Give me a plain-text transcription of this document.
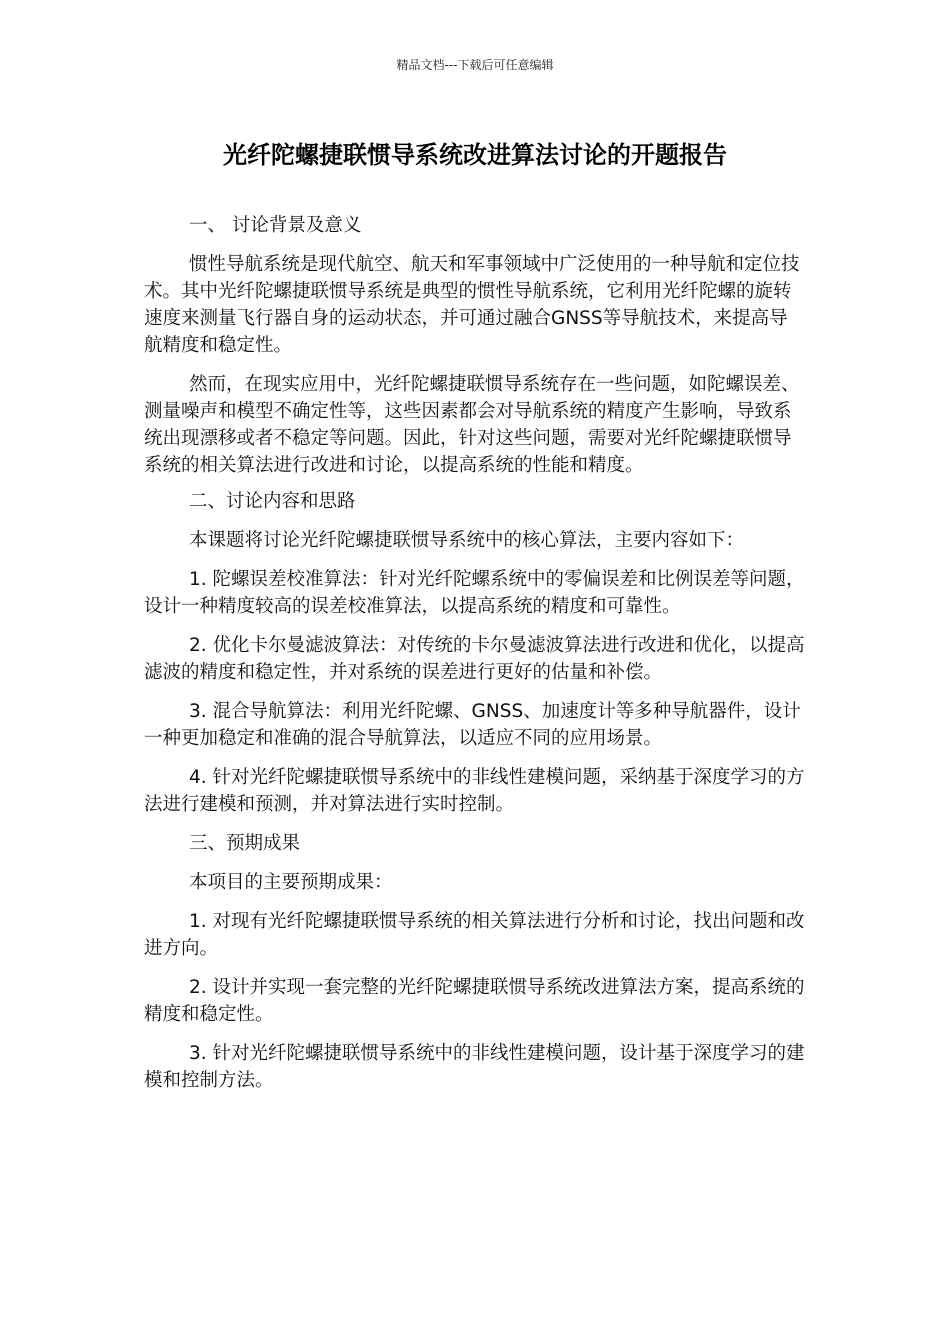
精品文档---下载后可任意编辑
光纤陀螺捷联惯导系统改进算法讨论的开题报告

一、 讨论背景及意义

惯性导航系统是现代航空、航天和军事领域中广泛使用的一种导航和定位技术。其中光纤陀螺捷联惯导系统是典型的惯性导航系统，它利用光纤陀螺的旋转速度来测量飞行器自身的运动状态，并可通过融合GNSS等导航技术，来提高导航精度和稳定性。

然而，在现实应用中，光纤陀螺捷联惯导系统存在一些问题，如陀螺误差、测量噪声和模型不确定性等，这些因素都会对导航系统的精度产生影响，导致系统出现漂移或者不稳定等问题。因此，针对这些问题，需要对光纤陀螺捷联惯导系统的相关算法进行改进和讨论，以提高系统的性能和精度。

二、讨论内容和思路

本课题将讨论光纤陀螺捷联惯导系统中的核心算法，主要内容如下：

1. 陀螺误差校准算法：针对光纤陀螺系统中的零偏误差和比例误差等问题，设计一种精度较高的误差校准算法，以提高系统的精度和可靠性。

2. 优化卡尔曼滤波算法：对传统的卡尔曼滤波算法进行改进和优化，以提高滤波的精度和稳定性，并对系统的误差进行更好的估量和补偿。

3. 混合导航算法：利用光纤陀螺、GNSS、加速度计等多种导航器件，设计一种更加稳定和准确的混合导航算法，以适应不同的应用场景。

4. 针对光纤陀螺捷联惯导系统中的非线性建模问题，采纳基于深度学习的方法进行建模和预测，并对算法进行实时控制。

三、预期成果

本项目的主要预期成果：

1. 对现有光纤陀螺捷联惯导系统的相关算法进行分析和讨论，找出问题和改进方向。

2. 设计并实现一套完整的光纤陀螺捷联惯导系统改进算法方案，提高系统的精度和稳定性。

3. 针对光纤陀螺捷联惯导系统中的非线性建模问题，设计基于深度学习的建模和控制方法。
